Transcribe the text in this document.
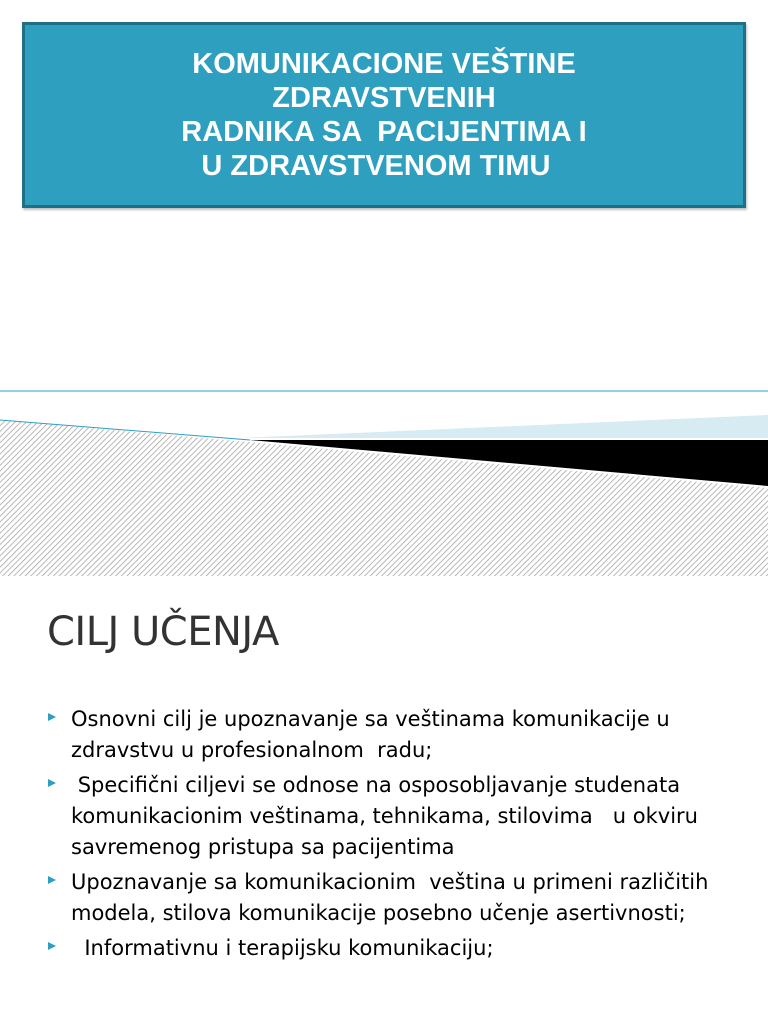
KOMUNIKACIONE VEŠTINE
ZDRAVSTVENIH
RADNIKA SA  PACIJENTIMA I
U ZDRAVSTVENOM TIMU
CILJ UČENJA
Osnovni cilj je upoznavanje sa veštinama komunikacije u zdravstvu u profesionalnom  radu;
Specifični ciljevi se odnose na osposobljavanje studenata komunikacionim veštinama, tehnikama, stilovima   u okviru savremenog pristupa sa pacijentima
Upoznavanje sa komunikacionim  veština u primeni različitih modela, stilova komunikacije posebno učenje asertivnosti;
Informativnu i terapijsku komunikaciju;
